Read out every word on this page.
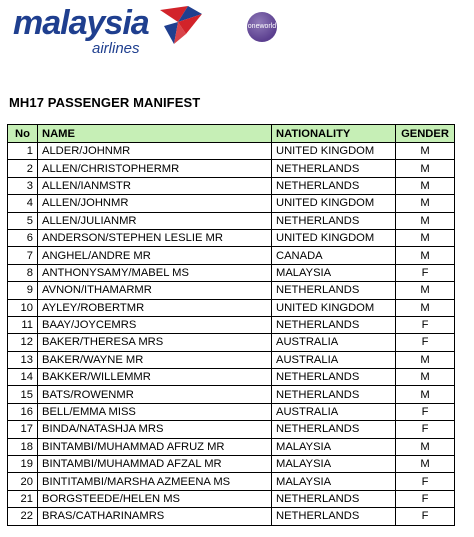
malaysia
airlines
oneworld
MH17 PASSENGER MANIFEST
No	NAME	NATIONALITY	GENDER
1	ALDER/JOHNMR	UNITED KINGDOM	M
2	ALLEN/CHRISTOPHERMR	NETHERLANDS	M
3	ALLEN/IANMSTR	NETHERLANDS	M
4	ALLEN/JOHNMR	UNITED KINGDOM	M
5	ALLEN/JULIANMR	NETHERLANDS	M
6	ANDERSON/STEPHEN LESLIE MR	UNITED KINGDOM	M
7	ANGHEL/ANDRE MR	CANADA	M
8	ANTHONYSAMY/MABEL MS	MALAYSIA	F
9	AVNON/ITHAMARMR	NETHERLANDS	M
10	AYLEY/ROBERTMR	UNITED KINGDOM	M
11	BAAY/JOYCEMRS	NETHERLANDS	F
12	BAKER/THERESA MRS	AUSTRALIA	F
13	BAKER/WAYNE MR	AUSTRALIA	M
14	BAKKER/WILLEMMR	NETHERLANDS	M
15	BATS/ROWENMR	NETHERLANDS	M
16	BELL/EMMA MISS	AUSTRALIA	F
17	BINDA/NATASHJA MRS	NETHERLANDS	F
18	BINTAMBI/MUHAMMAD AFRUZ MR	MALAYSIA	M
19	BINTAMBI/MUHAMMAD AFZAL MR	MALAYSIA	M
20	BINTITAMBI/MARSHA AZMEENA MS	MALAYSIA	F
21	BORGSTEEDE/HELEN MS	NETHERLANDS	F
22	BRAS/CATHARINAMRS	NETHERLANDS	F
